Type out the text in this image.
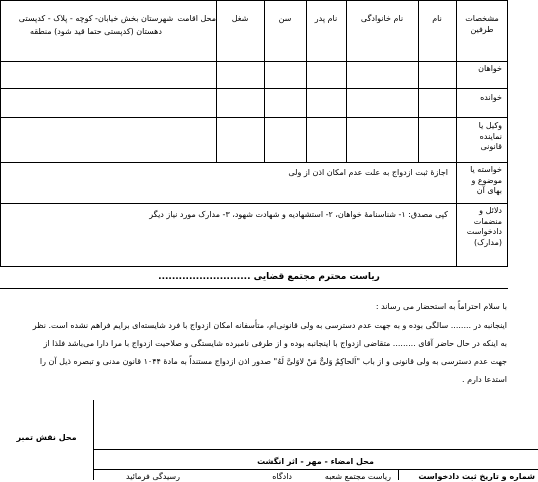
مشخصات طرفین
نام
نام خانوادگی
نام پدر
سن
شغل
محل اقامت
شهرستان بخش خیابان- کوچه - پلاک - کدپستی دهستان (کدپستی حتما قید شود) منطقه
خواهان
خوانده
وکیل یا نماینده قانونی
خواسته یا موضوع و بهای آن
اجازهٔ ثبت ازدواج به علت عدم امکان اذن از ولی
دلائل و منضمات دادخواست (مدارک)
کپی مصدق: ۱- شناسنامهٔ خواهان، ۲- استشهادیه و شهادت شهود، ۳- مدارک مورد نیاز دیگر
ریاست محترم مجتمع قضایی ...........................
با سلام احتراماً به استحضار می رساند :
اینجانبه در ........ سالگی بوده و به جهت عدم دسترسی به ولی قانونی‌ام، متأسفانه امکان ازدواج با فرد شایسته‌ای برایم فراهم نشده است. نظر
به اینکه در حال حاضر آقای ......... متقاضی ازدواج با اینجانبه بوده و از طرفی نامبرده شایستگی و صلاحیت ازدواج با مرا دارا می‌باشد فلذا از
جهت عدم دسترسی به ولی قانونی و از باب "اَلحاکِمُ وَلیٌّ مَنْ لاوَلیَّ لَهُ" صدور اذن ازدواج مستنداً به مادهٔ ۱۰۴۴ قانون مدنی و تبصره ذیل آن را
استدعا دارم .
محل نقش تمبر
محل امضاء - مهر - اثر انگشت
شماره و تاریخ ثبت دادخواست
ریاست مجتمع شعبه
دادگاه
رسیدگی فرمائید
